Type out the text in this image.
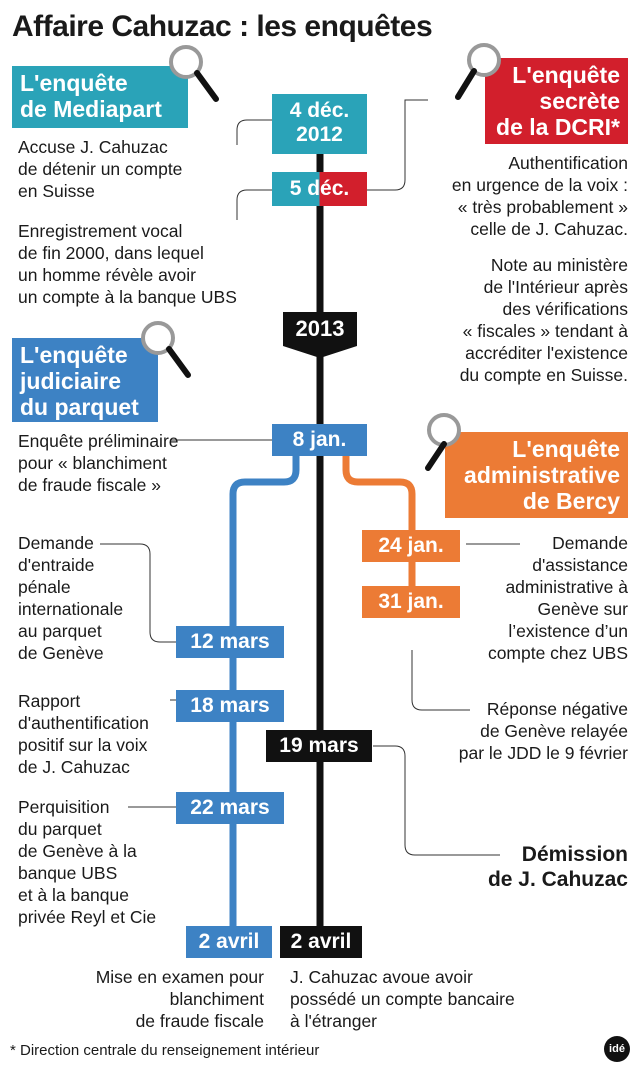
Affaire Cahuzac : les enquêtes
L'enquête
de Mediapart
L'enquête
secrète
de la DCRI*
L'enquête
judiciaire
du parquet
L'enquête
administrative
de Bercy
4 déc.
2012
5 déc.
2013
8 jan.
24 jan.
31 jan.
12 mars
18 mars
19 mars
22 mars
2 avril	2 avril
Accuse J. Cahuzac
de détenir un compte
en Suisse
Enregistrement vocal
de fin 2000, dans lequel
un homme révèle avoir
un compte à la banque UBS
Authentification
en urgence de la voix :
« très probablement »
celle de J. Cahuzac.
Note au ministère
de l'Intérieur après
des vérifications
« fiscales » tendant à
accréditer l'existence
du compte en Suisse.
Enquête préliminaire
pour « blanchiment
de fraude fiscale »
Demande
d'entraide
pénale
internationale
au parquet
de Genève
Demande
d'assistance
administrative à
Genève sur
l’existence d’un
compte chez UBS
Rapport
d'authentification
positif sur la voix
de J. Cahuzac
Réponse négative
de Genève relayée
par le JDD le 9 février
Perquisition
du parquet
de Genève à la
banque UBS
et à la banque
privée Reyl et Cie
Démission
de J. Cahuzac
Mise en examen pour
blanchiment
de fraude fiscale
J. Cahuzac avoue avoir
possédé un compte bancaire
à l'étranger
* Direction centrale du renseignement intérieur	idé
